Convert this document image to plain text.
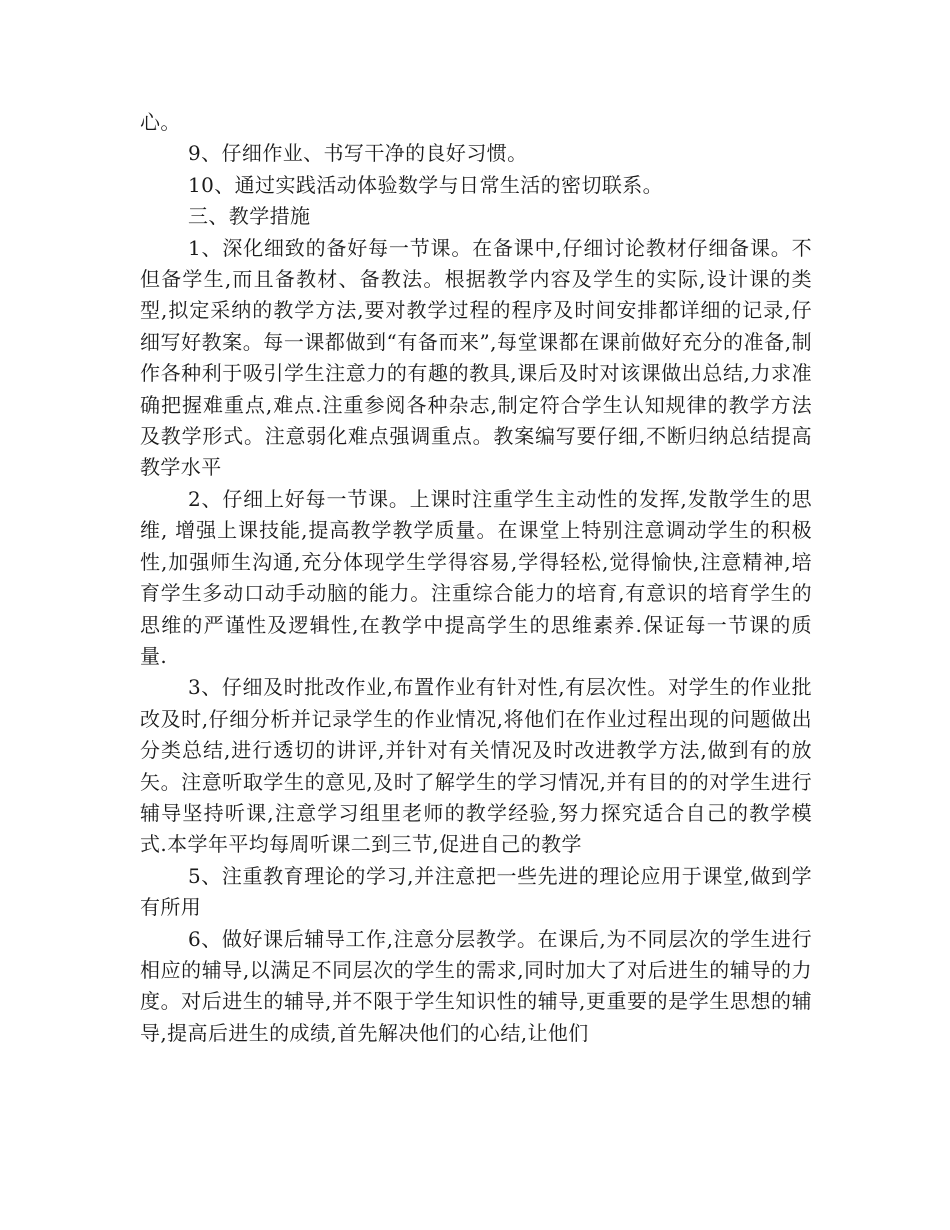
心。

9、仔细作业、书写干净的良好习惯。

10、通过实践活动体验数学与日常生活的密切联系。

三、教学措施

1、深化细致的备好每一节课。在备课中,仔细讨论教材仔细备课。不但备学生,而且备教材、备教法。根据教学内容及学生的实际,设计课的类型,拟定采纳的教学方法,要对教学过程的程序及时间安排都详细的记录,仔细写好教案。每一课都做到“有备而来”,每堂课都在课前做好充分的准备,制作各种利于吸引学生注意力的有趣的教具,课后及时对该课做出总结,力求准确把握难重点,难点.注重参阅各种杂志,制定符合学生认知规律的教学方法及教学形式。注意弱化难点强调重点。教案编写要仔细,不断归纳总结提高教学水平

2、仔细上好每一节课。上课时注重学生主动性的发挥,发散学生的思维, 增强上课技能,提高教学教学质量。在课堂上特别注意调动学生的积极性,加强师生沟通,充分体现学生学得容易,学得轻松,觉得愉快,注意精神,培育学生多动口动手动脑的能力。注重综合能力的培育,有意识的培育学生的思维的严谨性及逻辑性,在教学中提高学生的思维素养.保证每一节课的质量.

3、仔细及时批改作业,布置作业有针对性,有层次性。对学生的作业批改及时,仔细分析并记录学生的作业情况,将他们在作业过程出现的问题做出分类总结,进行透切的讲评,并针对有关情况及时改进教学方法,做到有的放矢。注意听取学生的意见,及时了解学生的学习情况,并有目的的对学生进行辅导坚持听课,注意学习组里老师的教学经验,努力探究适合自己的教学模式.本学年平均每周听课二到三节,促进自己的教学

5、注重教育理论的学习,并注意把一些先进的理论应用于课堂,做到学有所用

6、做好课后辅导工作,注意分层教学。在课后,为不同层次的学生进行相应的辅导,以满足不同层次的学生的需求,同时加大了对后进生的辅导的力度。对后进生的辅导,并不限于学生知识性的辅导,更重要的是学生思想的辅导,提高后进生的成绩,首先解决他们的心结,让他们
